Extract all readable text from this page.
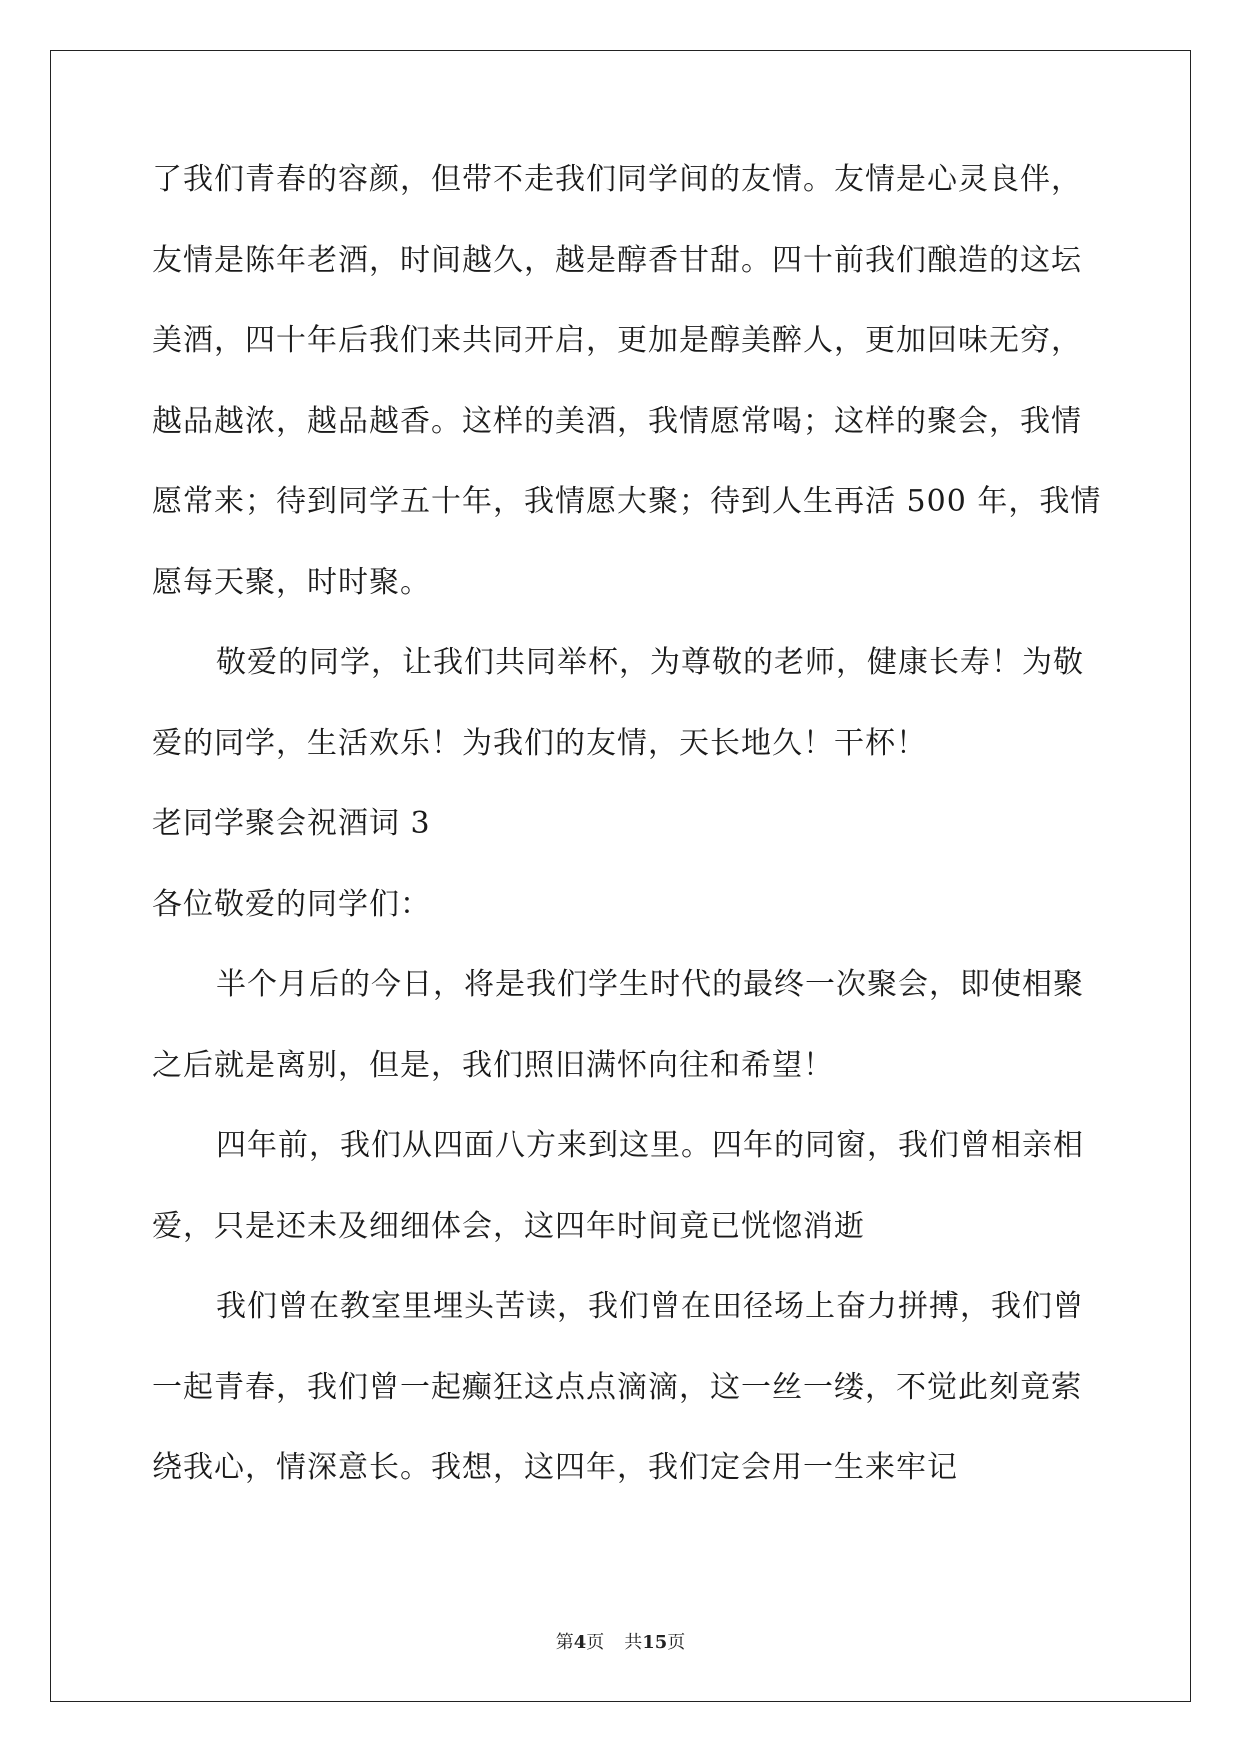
了我们青春的容颜，但带不走我们同学间的友情。友情是心灵良伴，
友情是陈年老酒，时间越久，越是醇香甘甜。四十前我们酿造的这坛
美酒，四十年后我们来共同开启，更加是醇美醉人，更加回味无穷，
越品越浓，越品越香。这样的美酒，我情愿常喝；这样的聚会，我情
愿常来；待到同学五十年，我情愿大聚；待到人生再活 500 年，我情
愿每天聚，时时聚。
敬爱的同学，让我们共同举杯，为尊敬的老师，健康长寿！为敬
爱的同学，生活欢乐！为我们的友情，天长地久！干杯！
老同学聚会祝酒词 3
各位敬爱的同学们：
半个月后的今日，将是我们学生时代的最终一次聚会，即使相聚
之后就是离别，但是，我们照旧满怀向往和希望！
四年前，我们从四面八方来到这里。四年的同窗，我们曾相亲相
爱，只是还未及细细体会，这四年时间竟已恍惚消逝
我们曾在教室里埋头苦读，我们曾在田径场上奋力拼搏，我们曾
一起青春，我们曾一起癫狂这点点滴滴，这一丝一缕，不觉此刻竟萦
绕我心，情深意长。我想，这四年，我们定会用一生来牢记
第4页 共15页
